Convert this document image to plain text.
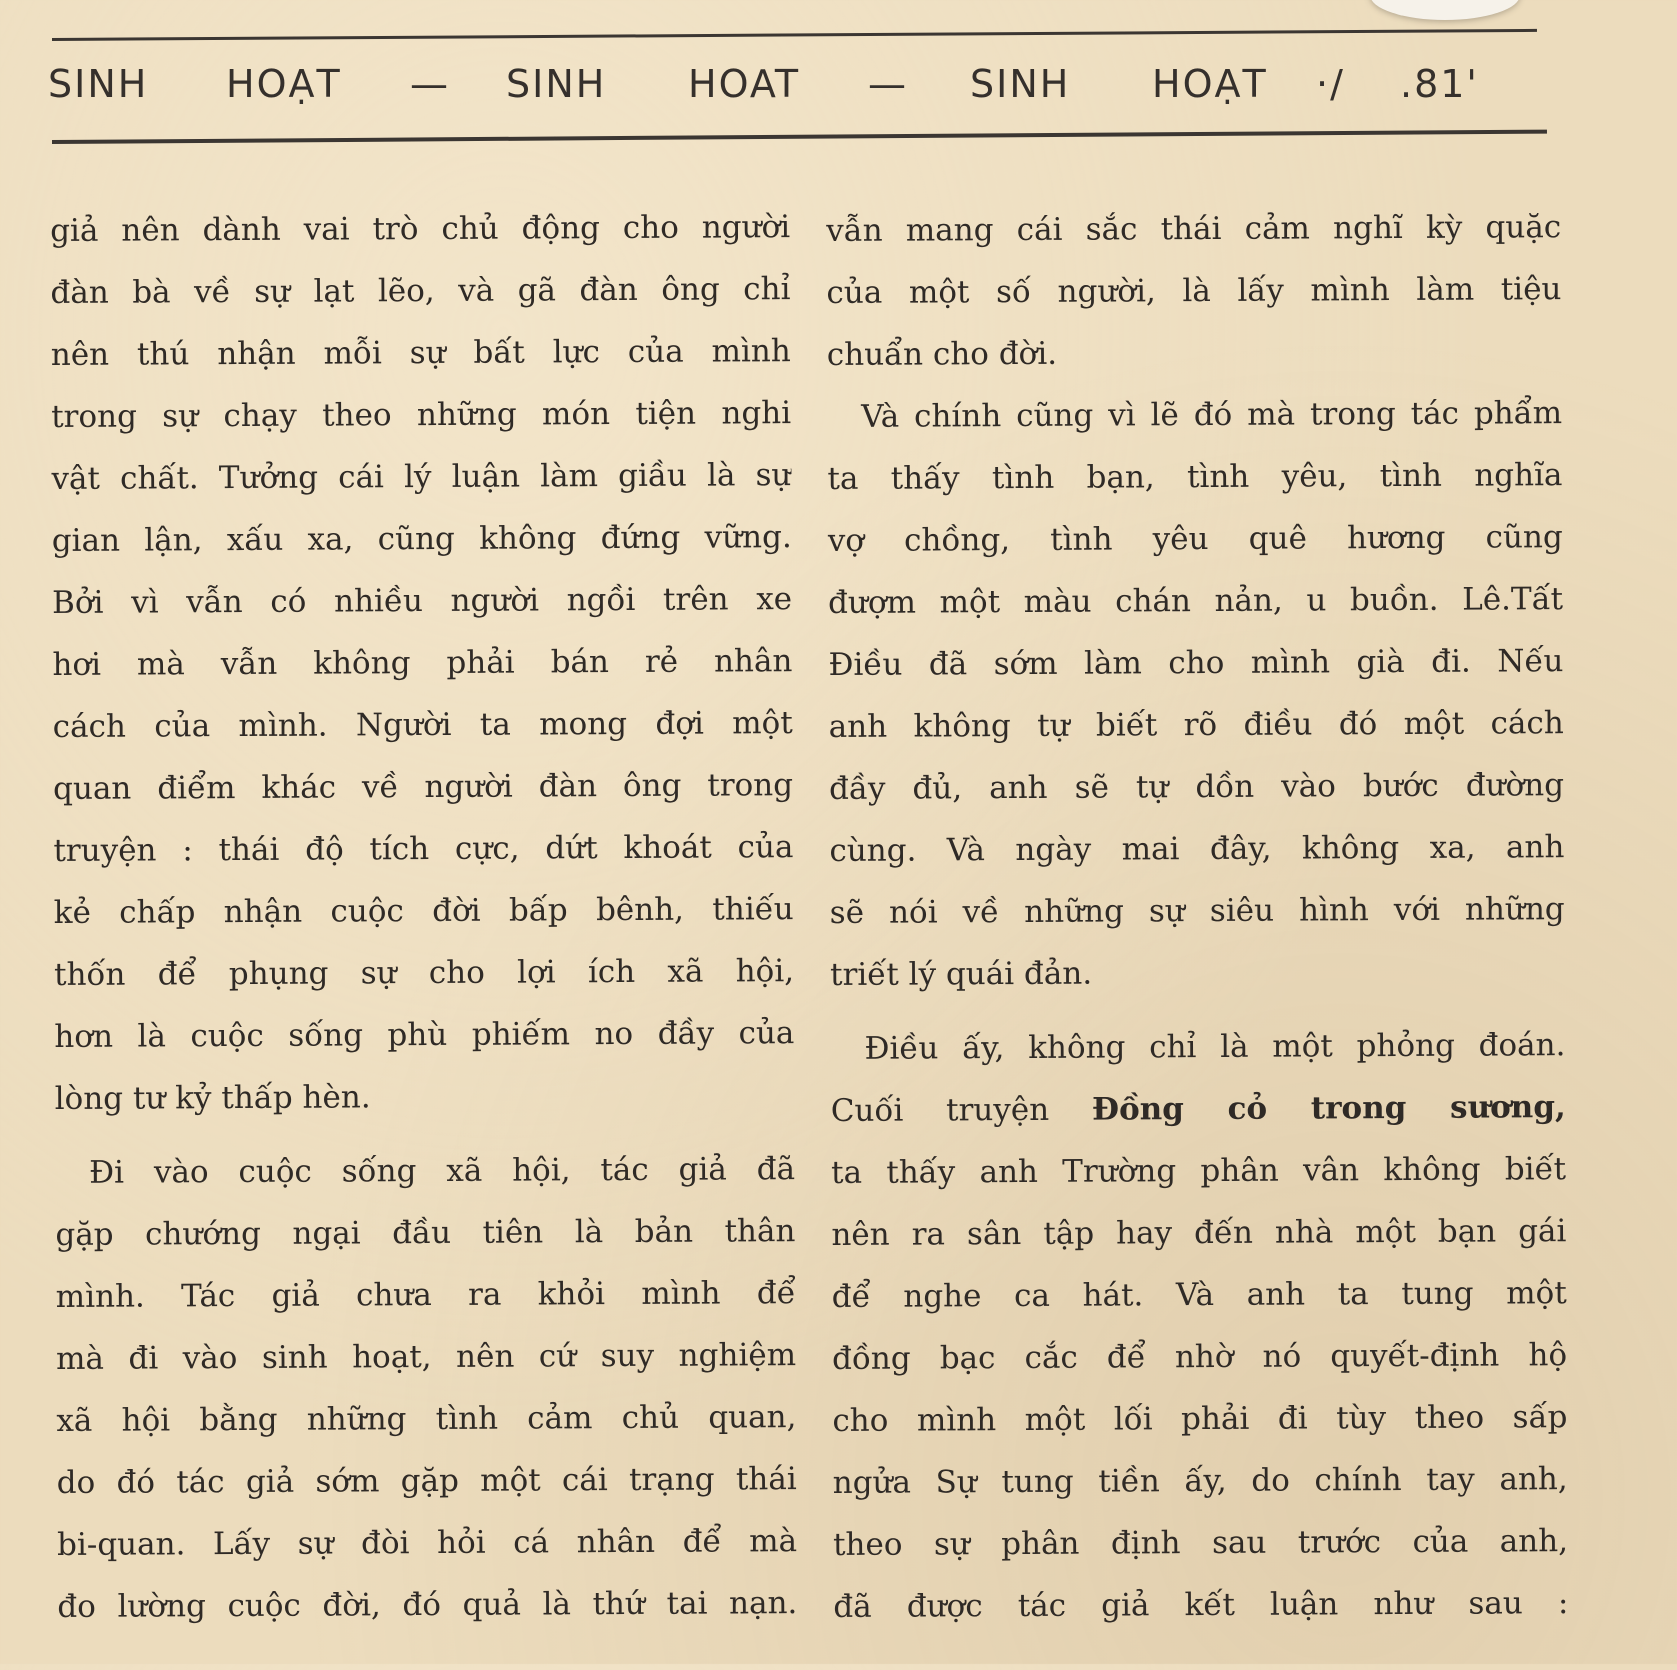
SINH HOẠT — SINH HOAT — SINH HOẠT ·/ .81'
giả nên dành vai trò chủ động cho người
đàn bà về sự lạt lẽo, và gã đàn ông chỉ
nên thú nhận mỗi sự bất lực của mình
trong sự chạy theo những món tiện nghi
vật chất. Tưởng cái lý luận làm giầu là sự
gian lận, xấu xa, cũng không đứng vững.
Bởi vì vẫn có nhiều người ngồi trên xe
hơi mà vẫn không phải bán rẻ nhân
cách của mình. Người ta mong đợi một
quan điểm khác về người đàn ông trong
truyện : thái độ tích cực, dứt khoát của
kẻ chấp nhận cuộc đời bấp bênh, thiếu
thốn để phụng sự cho lợi ích xã hội,
hơn là cuộc sống phù phiếm no đầy của
lòng tư kỷ thấp hèn.
Đi vào cuộc sống xã hội, tác giả đã
gặp chướng ngại đầu tiên là bản thân
mình. Tác giả chưa ra khỏi mình để
mà đi vào sinh hoạt, nên cứ suy nghiệm
xã hội bằng những tình cảm chủ quan,
do đó tác giả sớm gặp một cái trạng thái
bi-quan. Lấy sự đòi hỏi cá nhân để mà
đo lường cuộc đời, đó quả là thứ tai nạn.
vẫn mang cái sắc thái cảm nghĩ kỳ quặc
của một số người, là lấy mình làm tiệu
chuẩn cho đời.
Và chính cũng vì lẽ đó mà trong tác phẩm
ta thấy tình bạn, tình yêu, tình nghĩa
vợ chồng, tình yêu quê hương cũng
đượm một màu chán nản, u buồn. Lê.Tất
Điều đã sớm làm cho mình già đi. Nếu
anh không tự biết rõ điều đó một cách
đầy đủ, anh sẽ tự dồn vào bước đường
cùng. Và ngày mai đây, không xa, anh
sẽ nói về những sự siêu hình với những
triết lý quái đản.
Điều ấy, không chỉ là một phỏng đoán.
Cuối truyện Đồng cỏ trong sương,
ta thấy anh Trường phân vân không biết
nên ra sân tập hay đến nhà một bạn gái
để nghe ca hát. Và anh ta tung một
đồng bạc cắc để nhờ nó quyết-định hộ
cho mình một lối phải đi tùy theo sấp
ngửa Sự tung tiền ấy, do chính tay anh,
theo sự phân định sau trước của anh,
đã được tác giả kết luận như sau :
